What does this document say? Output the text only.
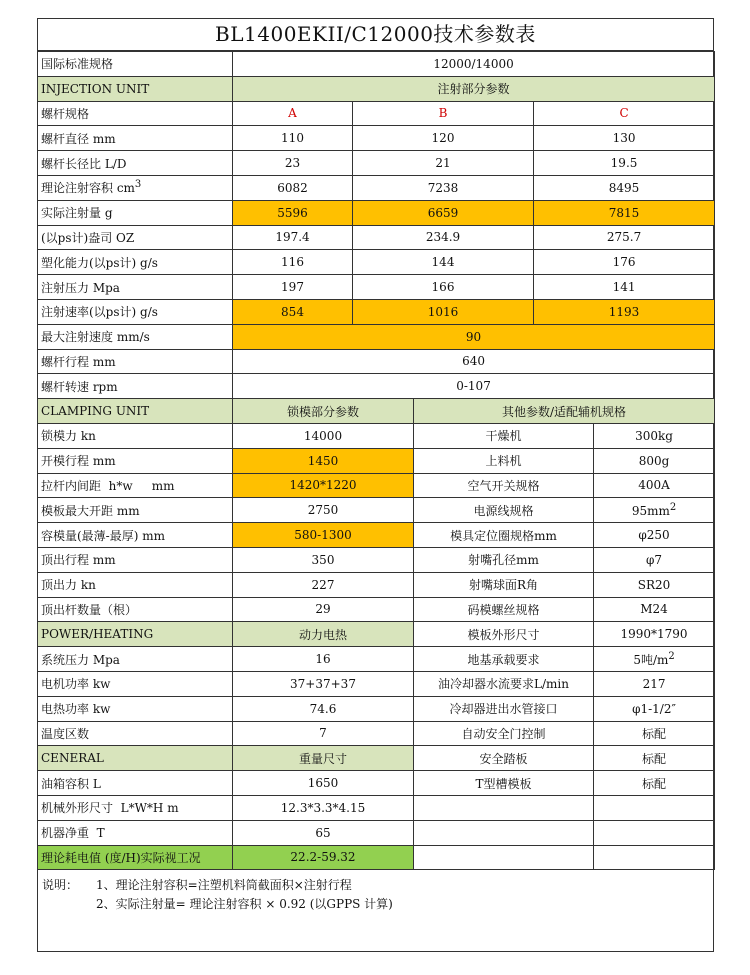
BL1400EKII/C12000技术参数表
国际标准规格	12000/14000					
INJECTION UNIT	注射部分参数					
螺杆规格	A	B		C	
螺杆直径 mm	110	120		130	
螺杆长径比 L/D	23	21		19.5	
理论注射容积 $cm^3$	6082	7238		8495	
实际注射量 g	5596	6659		7815	
(以ps计)盎司 OZ	197.4	234.9		275.7	
塑化能力(以ps计) g/s	116	144		176	
注射压力 Mpa	197	166		141	
注射速率(以ps计) g/s	854	1016		1193	
最大注射速度 mm/s	90					
螺杆行程 mm	640					
螺杆转速 rpm	0-107					
CLAMPING UNIT	锁模部分参数		其他参数/适配辅机规格			
锁模力 kn	14000		干燥机		300kg	
开模行程 mm	1450		上料机		800g	
拉杆内间距  h*w     mm	1420*1220		空气开关规格		400A	
模板最大开距 mm	2750		电源线规格		$95mm^2$
容模量(最薄-最厚) mm	580-1300		模具定位圈规格mm		φ250	
顶出行程 mm	350		射嘴孔径mm		φ7	
顶出力 kn	227		射嘴球面R角		SR20	
顶出杆数量（根）	29		码模螺丝规格		M24	
POWER/HEATING	动力电热		模板外形尺寸		1990*1790	
系统压力 Mpa	16		地基承载要求		5吨$/m^2$
电机功率 kw	37+37+37		油冷却器水流要求L/min		217	
电热功率 kw	74.6		冷却器进出水管接口		φ1-1/2″	
温度区数	7		自动安全门控制		标配	
CENERAL	重量尺寸		安全踏板		标配	
油箱容积 L	1650		T型槽模板		标配	
机械外形尺寸  L*W*H m	12.3*3.3*4.15					
机器净重  T	65					
理论耗电值 (度/H)实际视工况	22.2-59.32					
说明：	1、理论注射容积=注塑机料筒截面积×注射行程
2、实际注射量= 理论注射容积 × 0.92 (以GPPS 计算)
